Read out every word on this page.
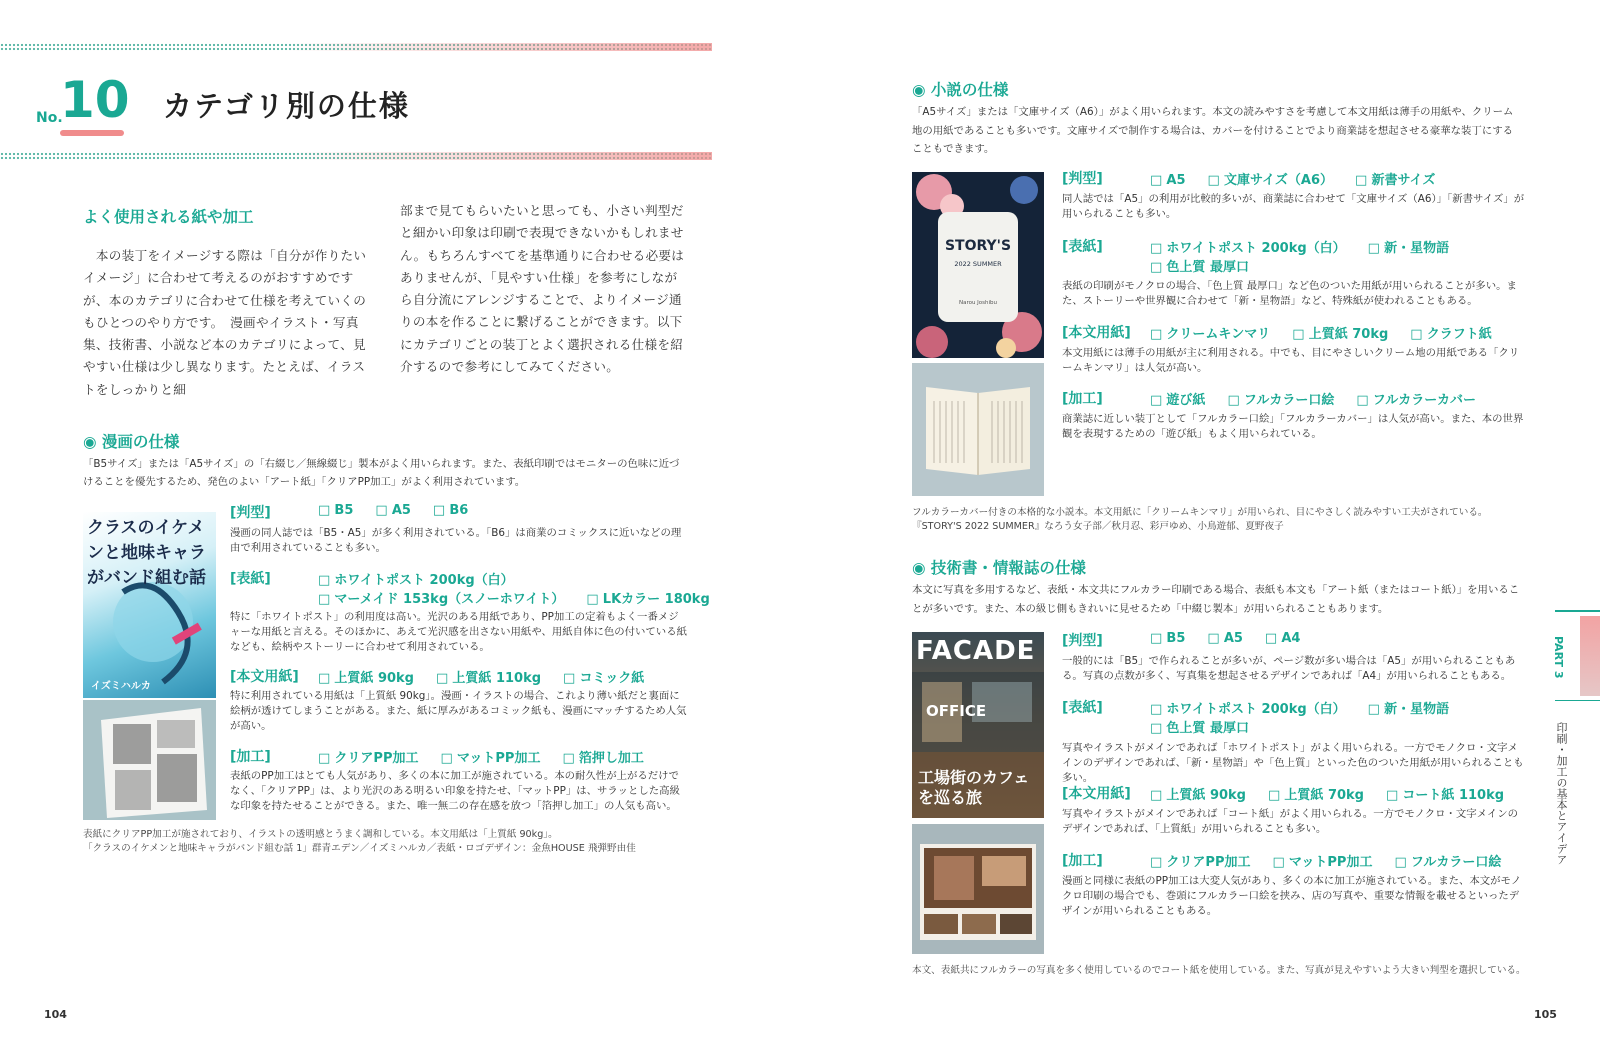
No.
10 カテゴリ別の仕様
よく使用される紙や加工
　本の装丁をイメージする際は「自分が作りたいイメージ」に合わせて考えるのがおすすめですが、本のカテゴリに合わせて仕様を考えていくのもひとつのやり方です。　漫画やイラスト・写真集、技術書、小説など本のカテゴリによって、見やすい仕様は少し異なります。たとえば、イラストをしっかりと細
部まで見てもらいたいと思っても、小さい判型だと細かい印象は印刷で表現できないかもしれません。もちろんすべてを基準通りに合わせる必要はありませんが、「見やすい仕様」を参考にしながら自分流にアレンジすることで、よりイメージ通りの本を作ることに繋げることができます。以下にカテゴリごとの装丁とよく選択される仕様を紹介するので参考にしてみてください。
◉ 漫画の仕様
「B5サイズ」または「A5サイズ」の「右綴じ／無線綴じ」製本がよく用いられます。また、表紙印刷ではモニターの色味に近づけることを優先するため、発色のよい「アート紙」「クリアPP加工」がよく利用されています。
クラスのイケメンと地味キャラがバンド組む話
イズミハルカ
[判型]	□ B5	□ A5	□ B6
漫画の同人誌では「B5・A5」が多く利用されている。「B6」は商業のコミックスに近いなどの理由で利用されていることも多い。
[表紙]	□ ホワイトポスト 200kg（白）
□ マーメイド 153kg（スノーホワイト）	□ LKカラー 180kg
特に「ホワイトポスト」の利用度は高い。光沢のある用紙であり、PP加工の定着もよく一番メジャーな用紙と言える。そのほかに、あえて光沢感を出さない用紙や、用紙自体に色の付いている紙なども、絵柄やストーリーに合わせて利用されている。
[本文用紙]	□ 上質紙 90kg	□ 上質紙 110kg	□ コミック紙
特に利用されている用紙は「上質紙 90kg」。漫画・イラストの場合、これより薄い紙だと裏面に絵柄が透けてしまうことがある。また、紙に厚みがあるコミック紙も、漫画にマッチするため人気が高い。
[加工]	□ クリアPP加工	□ マットPP加工	□ 箔押し加工
表紙のPP加工はとても人気があり、多くの本に加工が施されている。本の耐久性が上がるだけでなく、「クリアPP」は、より光沢のある明るい印象を持たせ、「マットPP」は、サラッとした高級な印象を持たせることができる。また、唯一無二の存在感を放つ「箔押し加工」の人気も高い。
表紙にクリアPP加工が施されており、イラストの透明感とうまく調和している。本文用紙は「上質紙 90kg」。
「クラスのイケメンと地味キャラがバンド組む話 1」群青エデン／イズミハルカ／表紙・ロゴデザイン：金魚HOUSE 飛弾野由佳
104
◉ 小説の仕様
「A5サイズ」または「文庫サイズ（A6）」がよく用いられます。本文の読みやすさを考慮して本文用紙は薄手の用紙や、クリーム地の用紙であることも多いです。文庫サイズで制作する場合は、カバーを付けることでより商業誌を想起させる豪華な装丁にすることもできます。
STORY'S
2022 SUMMER
Narou Joshibu
[判型]	□ A5	□ 文庫サイズ（A6）	□ 新書サイズ
同人誌では「A5」の利用が比較的多いが、商業誌に合わせて「文庫サイズ（A6）」「新書サイズ」が用いられることも多い。
[表紙]	□ ホワイトポスト 200kg（白）	□ 新・星物語
□ 色上質 最厚口
表紙の印刷がモノクロの場合、「色上質 最厚口」など色のついた用紙が用いられることが多い。また、ストーリーや世界観に合わせて「新・星物語」など、特殊紙が使われることもある。
[本文用紙]	□ クリームキンマリ	□ 上質紙 70kg	□ クラフト紙
本文用紙には薄手の用紙が主に利用される。中でも、目にやさしいクリーム地の用紙である「クリームキンマリ」は人気が高い。
[加工]	□ 遊び紙	□ フルカラー口絵	□ フルカラーカバー
商業誌に近しい装丁として「フルカラー口絵」「フルカラーカバー」は人気が高い。また、本の世界観を表現するための「遊び紙」もよく用いられている。
フルカラーカバー付きの本格的な小説本。本文用紙に「クリームキンマリ」が用いられ、目にやさしく読みやすい工夫がされている。
『STORY'S 2022 SUMMER』なろう女子部／秋月忍、彩戸ゆめ、小鳥遊郁、夏野夜子
◉ 技術書・情報誌の仕様
本文に写真を多用するなど、表紙・本文共にフルカラー印刷である場合、表紙も本文も「アート紙（またはコート紙）」を用いることが多いです。また、本の級じ側もきれいに見せるため「中綴じ製本」が用いられることもあります。
FACADE
OFFICE
工場街のカフェを巡る旅
[判型]	□ B5	□ A5	□ A4
一般的には「B5」で作られることが多いが、ページ数が多い場合は「A5」が用いられることもある。写真の点数が多く、写真集を想起させるデザインであれば「A4」が用いられることもある。
[表紙]	□ ホワイトポスト 200kg（白）	□ 新・星物語
□ 色上質 最厚口
写真やイラストがメインであれば「ホワイトポスト」がよく用いられる。一方でモノクロ・文字メインのデザインであれば、「新・星物語」や「色上質」といった色のついた用紙が用いられることも多い。
[本文用紙]	□ 上質紙 90kg	□ 上質紙 70kg	□ コート紙 110kg
写真やイラストがメインであれば「コート紙」がよく用いられる。一方でモノクロ・文字メインのデザインであれば、「上質紙」が用いられることも多い。
[加工]	□ クリアPP加工	□ マットPP加工	□ フルカラー口絵
漫画と同様に表紙のPP加工は大変人気があり、多くの本に加工が施されている。また、本文がモノクロ印刷の場合でも、巻頭にフルカラー口絵を挟み、店の写真や、重要な情報を載せるといったデザインが用いられることもある。
本文、表紙共にフルカラーの写真を多く使用しているのでコート紙を使用している。また、写真が見えやすいよう大きい判型を選択している。
PART 3
印刷・加工の基本とアイデア
105
